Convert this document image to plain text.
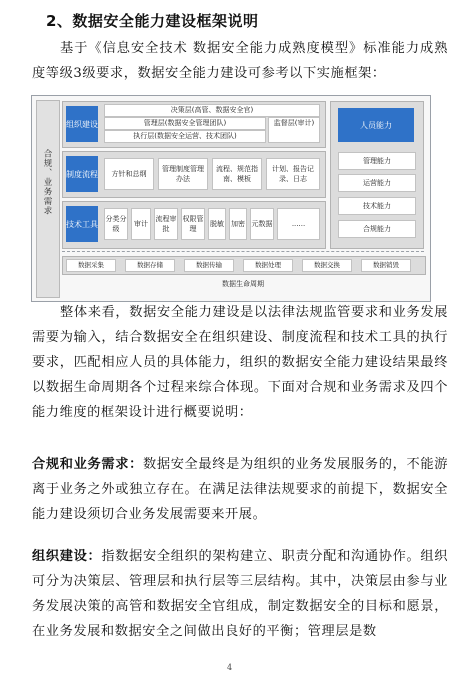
2、数据安全能力建设框架说明
基于《信息安全技术 数据安全能力成熟度模型》标准能力成熟度等级3级要求，数据安全能力建设可参考以下实施框架：
合规、业务需求
组织建设
决策层(高管、数据安全官)
管理层(数据安全管理团队)
执行层(数据安全运营、技术团队)
监督层(审计)
制度流程	方针和总纲
管理制度管理办法
流程、规范指南、模板
计划、报告记录、日志
技术工具
分类分级
审计
流程审批
权限管理
脱敏 加密 元数据	......
人员能力
管理能力
运营能力
技术能力
合规能力
数据采集	数据存储	数据传输	数据处理	数据交换	数据销毁
数据生命周期
整体来看，数据安全能力建设是以法律法规监管要求和业务发展需要为输入，结合数据安全在组织建设、制度流程和技术工具的执行要求，匹配相应人员的具体能力，组织的数据安全能力建设结果最终以数据生命周期各个过程来综合体现。下面对合规和业务需求及四个能力维度的框架设计进行概要说明：
合规和业务需求：数据安全最终是为组织的业务发展服务的，不能游离于业务之外或独立存在。在满足法律法规要求的前提下，数据安全能力建设须切合业务发展需要来开展。
组织建设：指数据安全组织的架构建立、职责分配和沟通协作。组织可分为决策层、管理层和执行层等三层结构。其中，决策层由参与业务发展决策的高管和数据安全官组成，制定数据安全的目标和愿景，在业务发展和数据安全之间做出良好的平衡；管理层是数
4
